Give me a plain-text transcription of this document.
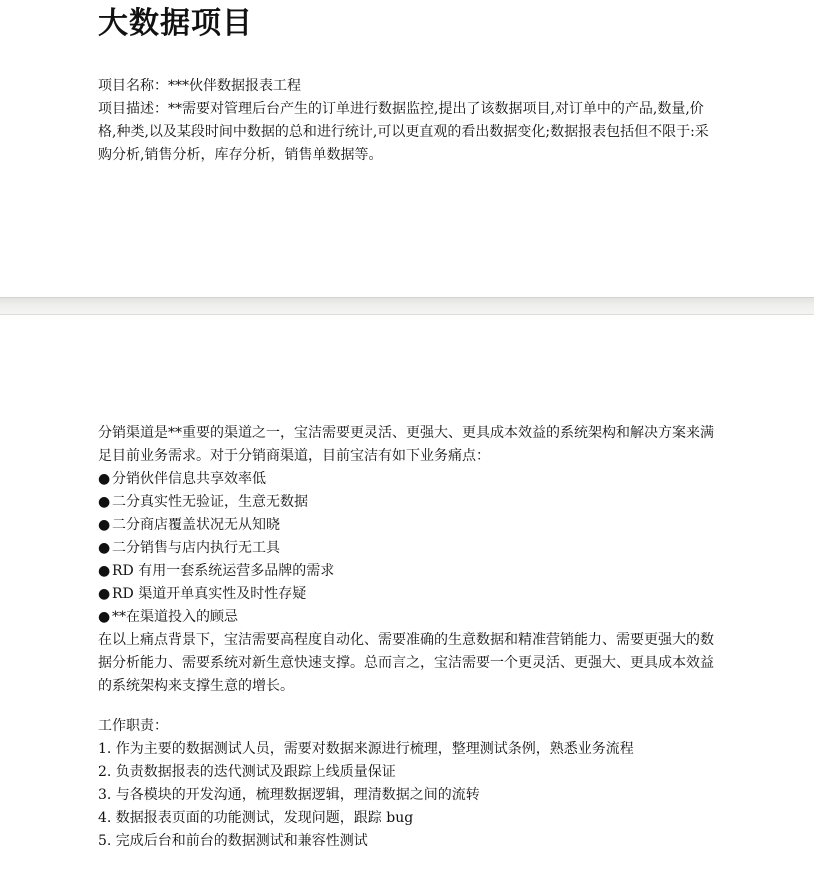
大数据项目
项目名称：***伙伴数据报表工程
项目描述：**需要对管理后台产生的订单进行数据监控,提出了该数据项目,对订单中的产品,数量,价格,种类,以及某段时间中数据的总和进行统计,可以更直观的看出数据变化;数据报表包括但不限于:采购分析,销售分析，库存分析，销售单数据等。
分销渠道是**重要的渠道之一，宝洁需要更灵活、更强大、更具成本效益的系统架构和解决方案来满足目前业务需求。对于分销商渠道，目前宝洁有如下业务痛点：
● 分销伙伴信息共享效率低
● 二分真实性无验证，生意无数据
● 二分商店覆盖状况无从知晓
● 二分销售与店内执行无工具
● RD 有用一套系统运营多品牌的需求
● RD 渠道开单真实性及时性存疑
● **在渠道投入的顾忌
在以上痛点背景下，宝洁需要高程度自动化、需要准确的生意数据和精准营销能力、需要更强大的数据分析能力、需要系统对新生意快速支撑。总而言之，宝洁需要一个更灵活、更强大、更具成本效益的系统架构来支撑生意的增长。
工作职责：
1. 作为主要的数据测试人员，需要对数据来源进行梳理，整理测试条例，熟悉业务流程
2. 负责数据报表的迭代测试及跟踪上线质量保证
3. 与各模块的开发沟通，梳理数据逻辑，理清数据之间的流转
4. 数据报表页面的功能测试，发现问题，跟踪 bug
5. 完成后台和前台的数据测试和兼容性测试
